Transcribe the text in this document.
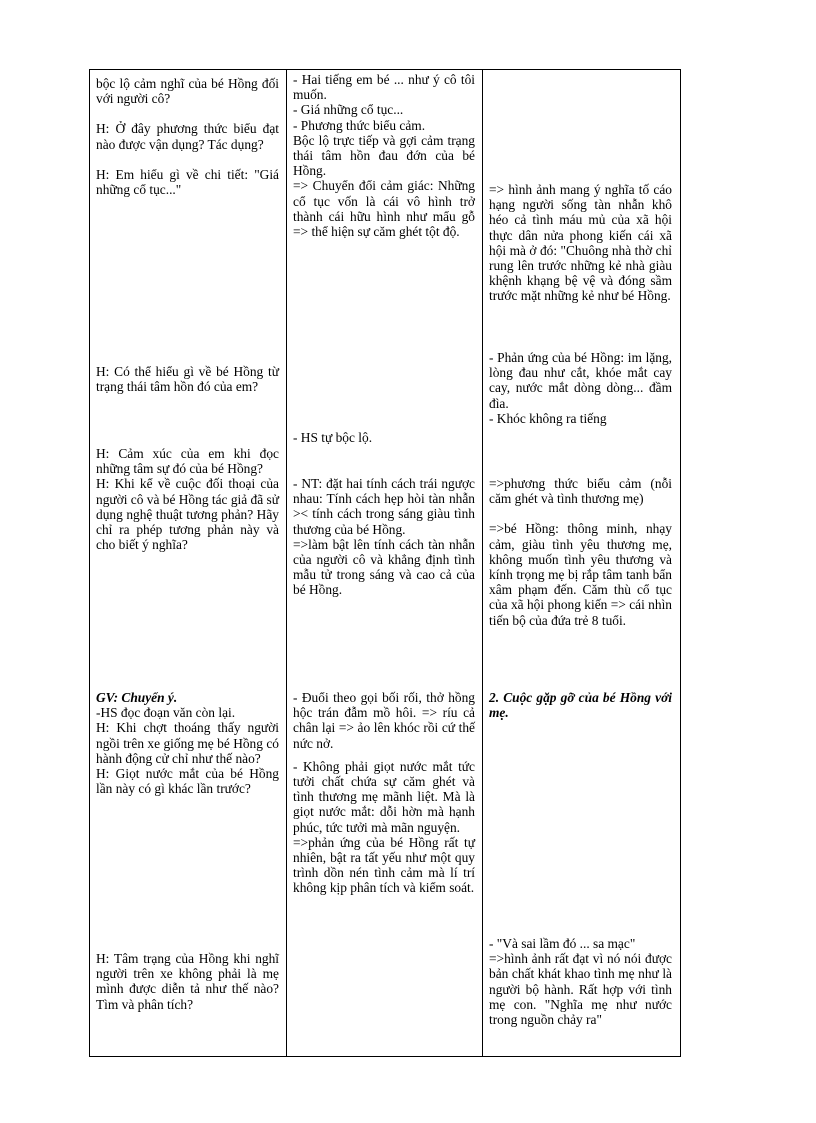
bộc lộ cảm nghĩ của bé Hồng đối với người cô?

H: Ở đây phương thức biểu đạt nào được vận dụng? Tác dụng?

H: Em hiểu gì về chi tiết: "Giá những cổ tục..."

H: Có thể hiểu gì về bé Hồng từ trạng thái tâm hồn đó của em?

H: Cảm xúc của em khi đọc những tâm sự đó của bé Hồng?

H: Khi kể về cuộc đối thoại của người cô và bé Hồng tác giả đã sử dụng nghệ thuật tương phản? Hãy chỉ ra phép tương phản này và cho biết ý nghĩa?

GV: Chuyển ý.

-HS đọc đoạn văn còn lại.

H: Khi chợt thoáng thấy người ngồi trên xe giống mẹ bé Hồng có hành động cử chỉ như thế nào?

H: Giọt nước mắt của bé Hồng lần này có gì khác lần trước?

H: Tâm trạng của Hồng khi nghĩ người trên xe không phải là mẹ mình được diễn tả như thế nào? Tìm và phân tích?

- Hai tiếng em bé ... như ý cô tôi muốn.

- Giá những cổ tục...

- Phương thức biểu cảm.

Bộc lộ trực tiếp và gợi cảm trạng thái tâm hồn đau đớn của bé Hồng.

=> Chuyển đổi cảm giác: Những cổ tục vốn là cái vô hình trở thành cái hữu hình như mẩu gỗ => thể hiện sự căm ghét tột độ.

- HS tự bộc lộ.

- NT: đặt hai tính cách trái ngược nhau: Tính cách hẹp hòi tàn nhẫn >< tính cách trong sáng giàu tình thương của bé Hồng.

=>làm bật lên tính cách tàn nhẫn của người cô và khẳng định tình mẫu tử trong sáng và cao cả của bé Hồng.

- Đuổi theo gọi bối rối, thở hồng hộc trán đẫm mồ hôi. => ríu cả chân lại => ảo lên khóc rồi cứ thế nức nở.

- Không phải giọt nước mắt tức tưởi chất chứa sự căm ghét và tình thương mẹ mãnh liệt. Mà là giọt nước mắt: dỗi hờn mà hạnh phúc, tức tưởi mà mãn nguyện.

=>phản ứng của bé Hồng rất tự nhiên, bật ra tất yếu như một quy trình dồn nén tình cảm mà lí trí không kịp phân tích và kiểm soát.

=> hình ảnh mang ý nghĩa tố cáo hạng người sống tàn nhẫn khô héo cả tình máu mủ của xã hội thực dân nửa phong kiến cái xã hội mà ở đó: "Chuông nhà thờ chỉ rung lên trước những kẻ nhà giàu khệnh khạng bệ vệ và đóng sầm trước mặt những kẻ như bé Hồng.

- Phản ứng của bé Hồng: im lặng, lòng đau như cắt, khóe mắt cay cay, nước mắt dòng dòng... đầm đìa.

- Khóc không ra tiếng

=>phương thức biểu cảm (nỗi căm ghét và tình thương mẹ)

=>bé Hồng: thông minh, nhạy cảm, giàu tình yêu thương mẹ, không muốn tình yêu thương và kính trọng mẹ bị rắp tâm tanh bẩn xâm phạm đến. Căm thù cổ tục của xã hội phong kiến => cái nhìn tiến bộ của đứa trẻ 8 tuổi.

2. Cuộc gặp gỡ của bé Hồng với mẹ.

- "Và sai lầm đó ... sa mạc"

=>hình ảnh rất đạt vì nó nói được bản chất khát khao tình mẹ như là người bộ hành. Rất hợp với tình mẹ con. "Nghĩa mẹ như nước trong nguồn chảy ra"
